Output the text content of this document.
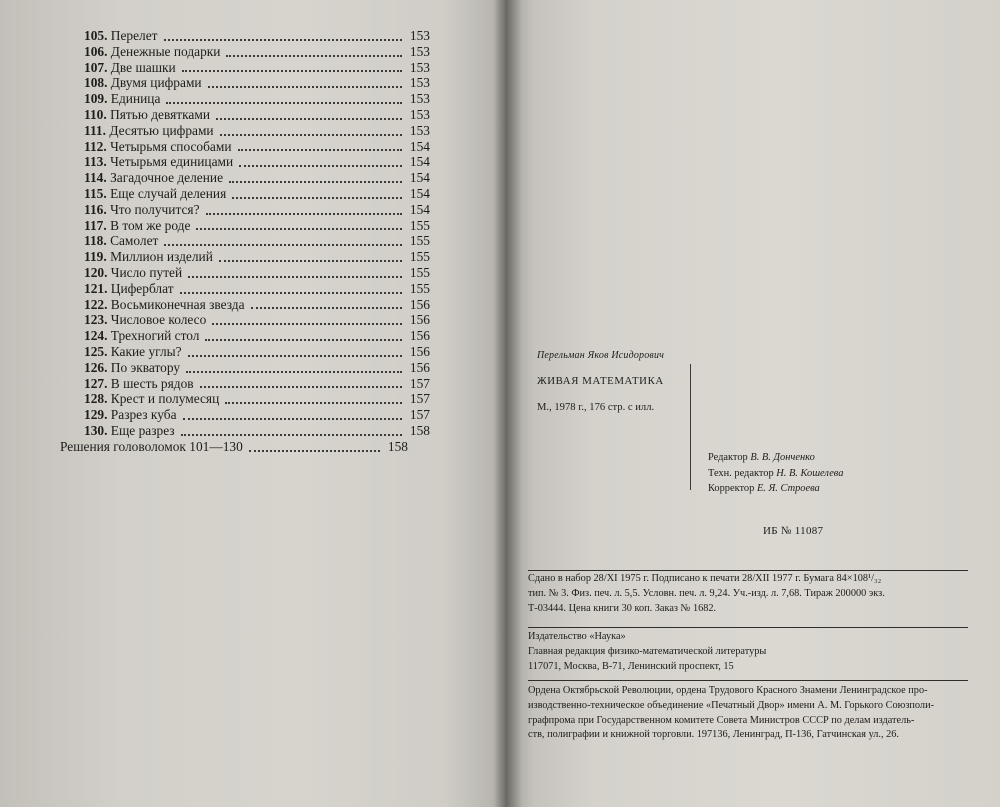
105. Перелет	153
106. Денежные подарки	153
107. Две шашки	153
108. Двумя цифрами	153
109. Единица	153
110. Пятью девятками	153
111. Десятью цифрами	153
112. Четырьмя способами	154
113. Четырьмя единицами	154
114. Загадочное деление	154
115. Еще случай деления	154
116. Что получится?	154
117. В том же роде	155
118. Самолет	155
119. Миллион изделий	155
120. Число путей	155
121. Циферблат	155
122. Восьмиконечная звезда	156
123. Числовое колесо	156
124. Трехногий стол	156
125. Какие углы?	156
126. По экватору	156
127. В шесть рядов	157
128. Крест и полумесяц	157
129. Разрез куба	157
130. Еще разрез	158
Решения головоломок 101—130	158
Перельман Яков Исидорович
ЖИВАЯ МАТЕМАТИКА
М., 1978 г., 176 стр. с илл.
Редактор В. В. Донченко
Техн. редактор Н. В. Кошелева
Корректор Е. Я. Строева
ИБ № 11087
Сдано в набор 28/XI 1975 г. Подписано к печати 28/XII 1977 г. Бумага 84×108¹/₃₂
тип. № 3. Физ. печ. л. 5,5. Условн. печ. л. 9,24. Уч.-изд. л. 7,68. Тираж 200000 экз.
Т-03444. Цена книги 30 коп. Заказ № 1682.
Издательство «Наука»
Главная редакция физико-математической литературы
117071, Москва, В-71, Ленинский проспект, 15
Ордена Октябрьской Революции, ордена Трудового Красного Знамени Ленинградское про-
изводственно-техническое объединение «Печатный Двор» имени А. М. Горького Союзполи-
графпрома при Государственном комитете Совета Министров СССР по делам издатель-
ств, полиграфии и книжной торговли. 197136, Ленинград, П-136, Гатчинская ул., 26.
